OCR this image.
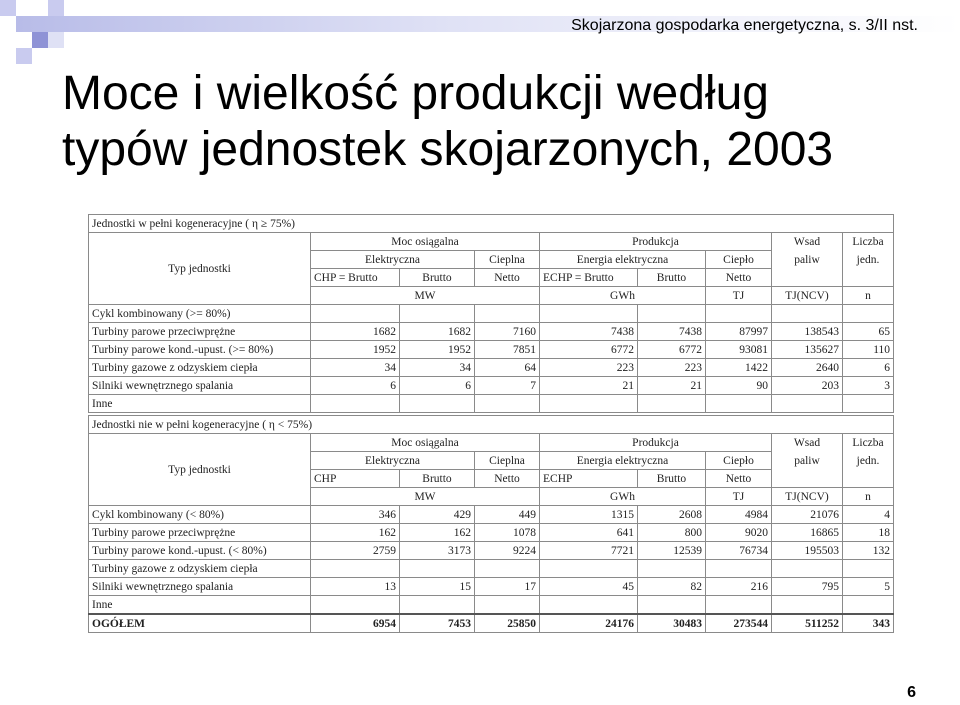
Skojarzona gospodarka energetyczna, s. 3/II nst.
Moce i wielkość produkcji według
typów jednostek skojarzonych, 2003
Jednostki w pełni kogeneracyjne ( η ≥ 75%)								
Typ jednostki	Moc osiągalna			Produkcja			Wsad	Liczba
	Elektryczna		Cieplna	Energia elektryczna		Ciepło	paliw	jedn.
	CHP = Brutto	Brutto	Netto	ECHP = Brutto	Brutto	Netto		
	MW			GWh		TJ	TJ(NCV)	n
Cykl kombinowany (>= 80%)								
Turbiny parowe przeciwprężne	1682	1682	7160	7438	7438	87997	138543	65
Turbiny parowe kond.-upust. (>= 80%)	1952	1952	7851	6772	6772	93081	135627	110
Turbiny gazowe z odzyskiem ciepła	34	34	64	223	223	1422	2640	6
Silniki wewnętrznego spalania	6	6	7	21	21	90	203	3
Inne								

Jednostki nie w pełni kogeneracyjne ( η < 75%)								
Typ jednostki	Moc osiągalna			Produkcja			Wsad	Liczba
	Elektryczna		Cieplna	Energia elektryczna		Ciepło	paliw	jedn.
	CHP	Brutto	Netto	ECHP	Brutto	Netto		
	MW			GWh		TJ	TJ(NCV)	n
Cykl kombinowany (< 80%)	346	429	449	1315	2608	4984	21076	4
Turbiny parowe przeciwprężne	162	162	1078	641	800	9020	16865	18
Turbiny parowe kond.-upust. (< 80%)	2759	3173	9224	7721	12539	76734	195503	132
Turbiny gazowe z odzyskiem ciepła								
Silniki wewnętrznego spalania	13	15	17	45	82	216	795	5
Inne								
OGÓŁEM	6954	7453	25850	24176	30483	273544	511252	343
6
